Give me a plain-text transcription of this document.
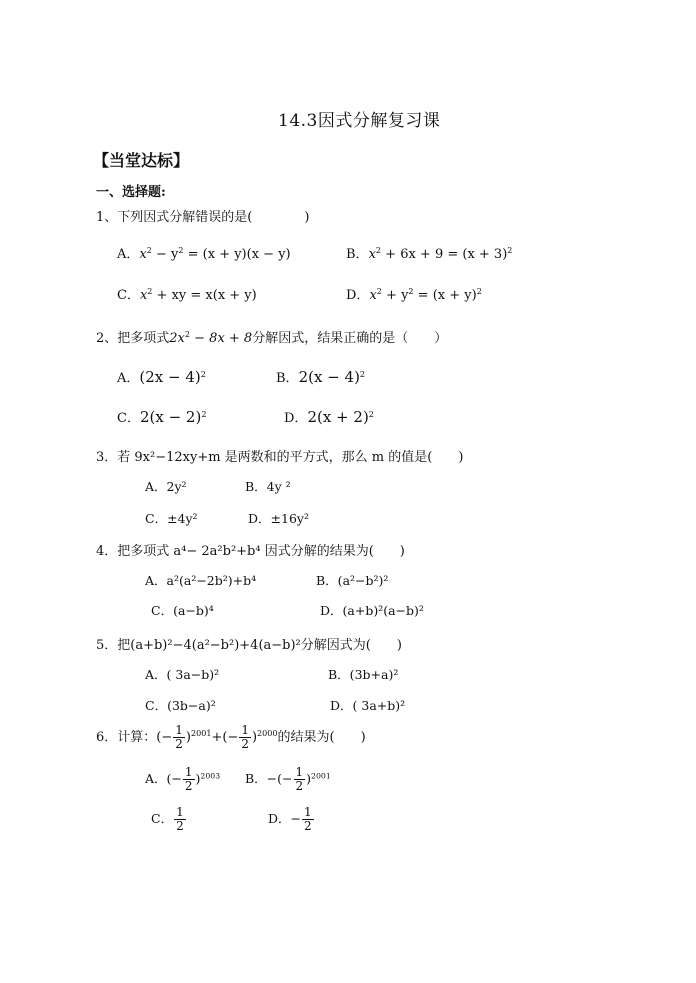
14.3因式分解复习课
【当堂达标】
一、选择题:
1、下列因式分解错误的是(　　　　)
A．$x^2 - y^2 = (x + y)(x - y)$	B．$x^2 + 6x + 9 = (x + 3)^2$
C．$x^2$ + xy = x(x + y)	D．$x^2 + y^2 = (x + y)^2$
2、把多项式$2x^2 - 8x + 8$分解因式，结果正确的是（　　）
A．$(2x - 4)^2$	B．$2(x - 4)^2$
C．$2(x - 2)^2$	D．$2(x + 2)^2$
3．若 9x²−12xy+m 是两数和的平方式，那么 m 的值是(　　)
A．2y²	B．4y ²
C．±4y²	D．±16y²
4．把多项式 a⁴− 2a²b²+b⁴ 因式分解的结果为(　　)
A．a²(a²−2b²)+b⁴	B．(a²−b²)²
C．(a−b)⁴	D．(a+b)²(a−b)²
5．把(a+b)²−4(a²−b²)+4(a−b)²分解因式为(　　)
A．( 3a−b)²	B．(3b+a)²
C．(3b−a)²	D．( 3a+b)²
6．计算：(− $\frac{1}{2} )^{2001}+(- \frac{1}{2} )^{2000}$的结果为(　　)
A．(− $\frac{1}{2} )^{2003}$ B．−(− $\frac{1}{2} )^{2001}$
C． $\frac{1}{2}$	D．− $\frac{1}{2}$
